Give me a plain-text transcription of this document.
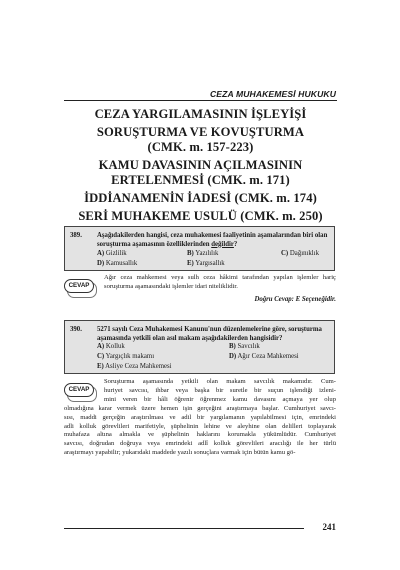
CEZA MUHAKEMESİ HUKUKU
CEZA YARGILAMASININ İŞLEYİŞİ
SORUŞTURMA VE KOVUŞTURMA
(CMK. m. 157-223)
KAMU DAVASININ AÇILMASININ
ERTELENMESİ (CMK. m. 171)
İDDİANAMENİN İADESİ (CMK. m. 174)
SERİ MUHAKEME USULÜ (CMK. m. 250)
389. Aşağıdakilerden hangisi, ceza muhakemesi faaliyetinin aşamalarından biri olan soruşturma aşamasının özelliklerinden değildir?
A) Gizlilik	B) Yazılılık	C) Dağınıklık
D) Kamusallık	E) Yargısallık
CEVAP
Ağır ceza mahkemesi veya sulh ceza hâkimi tarafından yapılan işlemler hariç soruşturma aşamasındaki işlemler idari niteliklidir.
Doğru Cevap: E Seçeneğidir.
390. 5271 sayılı Ceza Muhakemesi Kanunu'nun düzenlemelerine göre, soruşturma aşamasında yetkili olan asıl makam aşağıdakilerden hangisidir?
A) Kolluk	B) Savcılık
C) Yargıçlık makamı	D) Ağır Ceza Mahkemesi
E) Asliye Ceza Mahkemesi
CEVAP
Soruşturma aşamasında yetkili olan makam savcılık makamıdır. Cum-
huriyet savcısı, ihbar veya başka bir suretle bir suçun işlendiği izleni-
mini veren bir hâli öğrenir öğrenmez kamu davasını açmaya yer olup
olmadığına karar vermek üzere hemen işin gerçeğini araştırmaya başlar. Cumhuriyet savcı-
sısı, maddi gerçeğin araştırılması ve adil bir yargılamanın yapılabilmesi için, emrindeki
adli kolluk görevlileri marifetiyle, şüphelinin lehine ve aleyhine olan delilleri toplayarak
muhafaza altına almakla ve şüphelinin haklarını korumakla yükümlüdür. Cumhuriyet
savcısı, doğrudan doğruya veya emrindeki adlî kolluk görevlileri aracılığı ile her türlü
araştırmayı yapabilir; yukarıdaki maddede yazılı sonuçlara varmak için bütün kamu gö-
241
